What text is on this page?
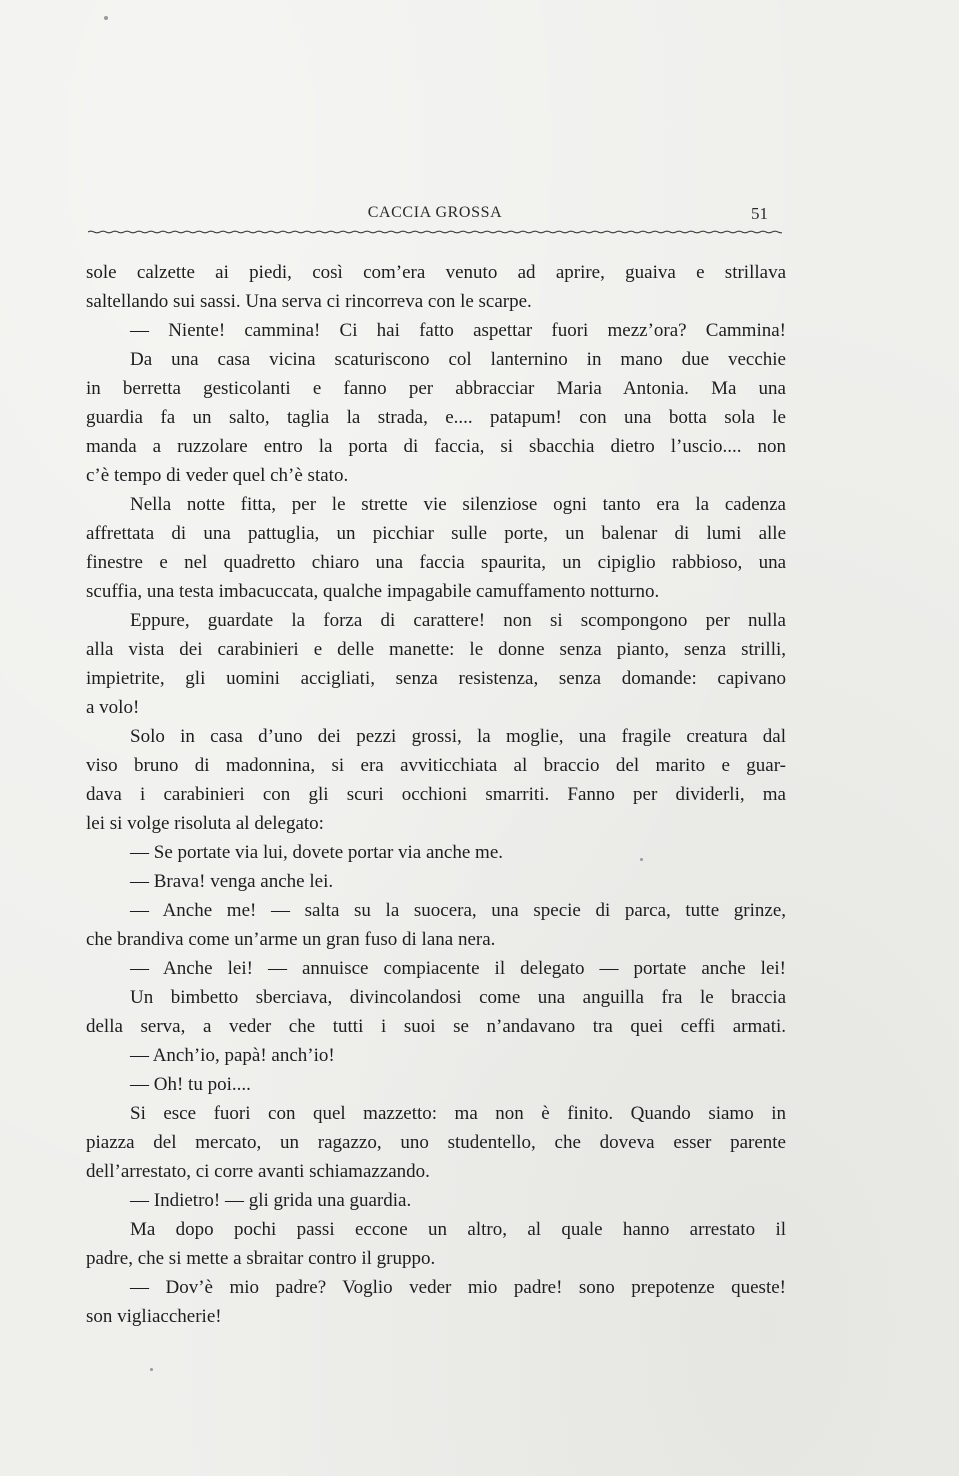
CACCIA GROSSA	51
sole calzette ai piedi, così com’era venuto ad aprire, guaiva e strillava
saltellando sui sassi. Una serva ci rincorreva con le scarpe.
— Niente! cammina! Ci hai fatto aspettar fuori mezz’ora? Cammina!
Da una casa vicina scaturiscono col lanternino in mano due vecchie
in berretta gesticolanti e fanno per abbracciar Maria Antonia. Ma una
guardia fa un salto, taglia la strada, e.... patapum! con una botta sola le
manda a ruzzolare entro la porta di faccia, si sbacchia dietro l’uscio.... non
c’è tempo di veder quel ch’è stato.
Nella notte fitta, per le strette vie silenziose ogni tanto era la cadenza
affrettata di una pattuglia, un picchiar sulle porte, un balenar di lumi alle
finestre e nel quadretto chiaro una faccia spaurita, un cipiglio rabbioso, una
scuffia, una testa imbacuccata, qualche impagabile camuffamento notturno.
Eppure, guardate la forza di carattere! non si scompongono per nulla
alla vista dei carabinieri e delle manette: le donne senza pianto, senza strilli,
impietrite, gli uomini accigliati, senza resistenza, senza domande: capivano
a volo!
Solo in casa d’uno dei pezzi grossi, la moglie, una fragile creatura dal
viso bruno di madonnina, si era avviticchiata al braccio del marito e guar-
dava i carabinieri con gli scuri occhioni smarriti. Fanno per dividerli, ma
lei si volge risoluta al delegato:
— Se portate via lui, dovete portar via anche me.
— Brava! venga anche lei.
— Anche me! — salta su la suocera, una specie di parca, tutte grinze,
che brandiva come un’arme un gran fuso di lana nera.
— Anche lei! — annuisce compiacente il delegato — portate anche lei!
Un bimbetto sberciava, divincolandosi come una anguilla fra le braccia
della serva, a veder che tutti i suoi se n’andavano tra quei ceffi armati.
— Anch’io, papà! anch’io!
— Oh! tu poi....
Si esce fuori con quel mazzetto: ma non è finito. Quando siamo in
piazza del mercato, un ragazzo, uno studentello, che doveva esser parente
dell’arrestato, ci corre avanti schiamazzando.
— Indietro! — gli grida una guardia.
Ma dopo pochi passi eccone un altro, al quale hanno arrestato il
padre, che si mette a sbraitar contro il gruppo.
— Dov’è mio padre? Voglio veder mio padre! sono prepotenze queste!
son vigliaccherie!
